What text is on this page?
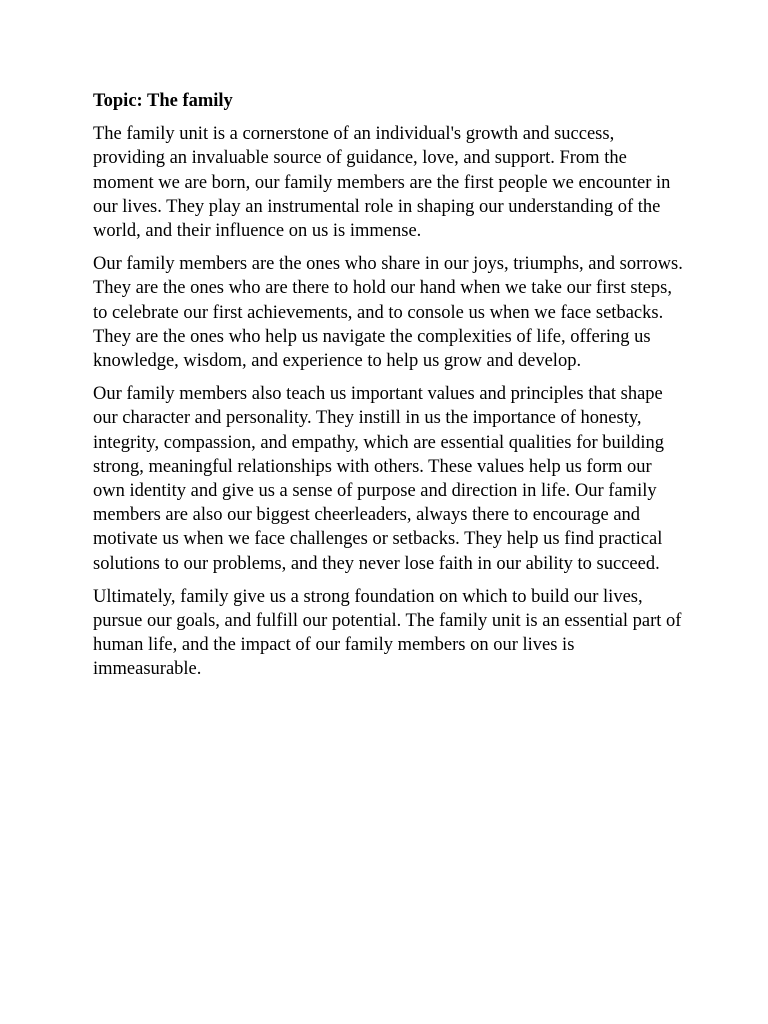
Topic: The family

The family unit is a cornerstone of an individual's growth and success, providing an invaluable source of guidance, love, and support. From the moment we are born, our family members are the first people we encounter in our lives. They play an instrumental role in shaping our understanding of the world, and their influence on us is immense.

Our family members are the ones who share in our joys, triumphs, and sorrows. They are the ones who are there to hold our hand when we take our first steps, to celebrate our first achievements, and to console us when we face setbacks. They are the ones who help us navigate the complexities of life, offering us knowledge, wisdom, and experience to help us grow and develop.

Our family members also teach us important values and principles that shape our character and personality. They instill in us the importance of honesty, integrity, compassion, and empathy, which are essential qualities for building strong, meaningful relationships with others. These values help us form our own identity and give us a sense of purpose and direction in life. Our family members are also our biggest cheerleaders, always there to encourage and motivate us when we face challenges or setbacks. They help us find practical solutions to our problems, and they never lose faith in our ability to succeed.

Ultimately, family give us a strong foundation on which to build our lives, pursue our goals, and fulfill our potential. The family unit is an essential part of human life, and the impact of our family members on our lives is immeasurable.
